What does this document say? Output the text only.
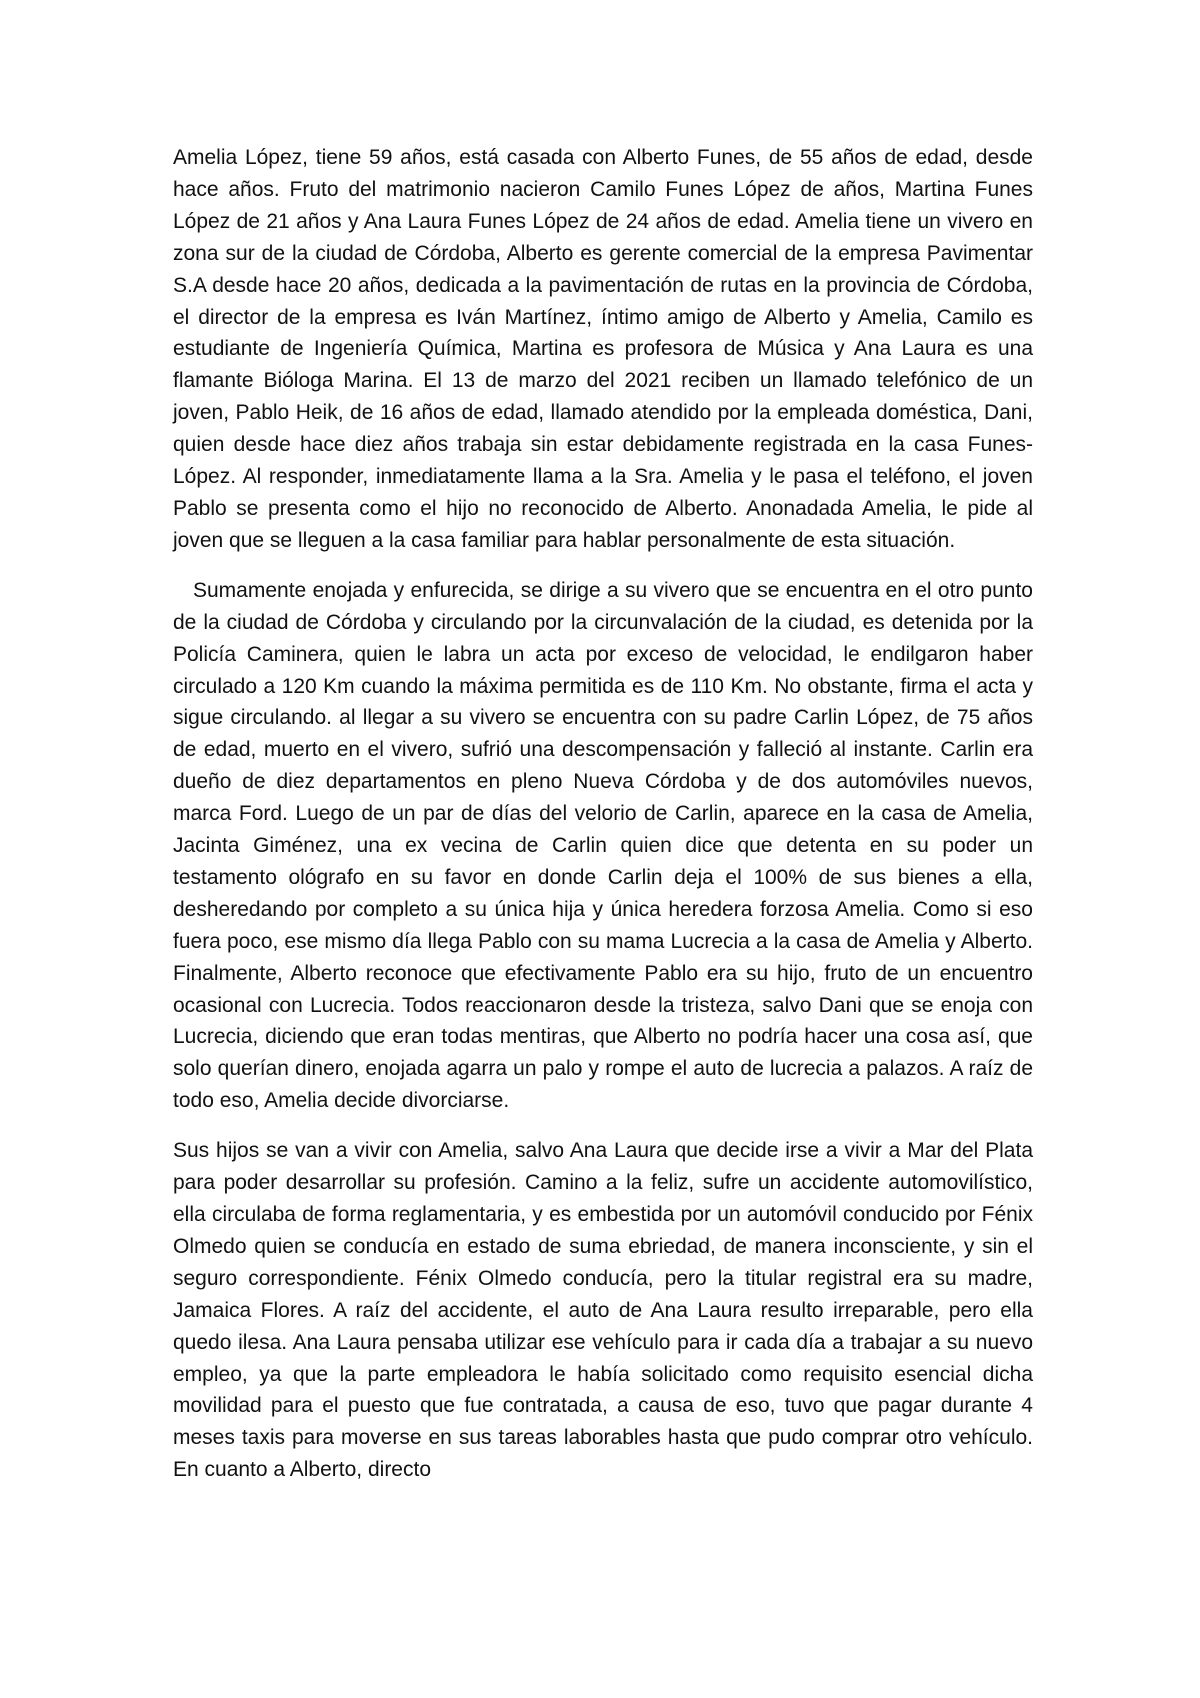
Amelia López, tiene 59 años, está casada con Alberto Funes, de 55 años de edad, desde hace años. Fruto del matrimonio nacieron Camilo Funes López de años, Martina Funes López de 21 años y Ana Laura Funes López de 24 años de edad. Amelia tiene un vivero en zona sur de la ciudad de Córdoba, Alberto es gerente comercial de la empresa Pavimentar S.A desde hace 20 años, dedicada a la pavimentación de rutas en la provincia de Córdoba, el director de la empresa es Iván Martínez, íntimo amigo de Alberto y Amelia, Camilo es estudiante de Ingeniería Química, Martina es profesora de Música y Ana Laura es una flamante Bióloga Marina. El 13 de marzo del 2021 reciben un llamado telefónico de un joven, Pablo Heik, de 16 años de edad, llamado atendido por la empleada doméstica, Dani, quien desde hace diez años trabaja sin estar debidamente registrada en la casa Funes- López. Al responder, inmediatamente llama a la Sra. Amelia y le pasa el teléfono, el joven Pablo se presenta como el hijo no reconocido de Alberto. Anonadada Amelia, le pide al joven que se lleguen a la casa familiar para hablar personalmente de esta situación.

Sumamente enojada y enfurecida, se dirige a su vivero que se encuentra en el otro punto de la ciudad de Córdoba y circulando por la circunvalación de la ciudad, es detenida por la Policía Caminera, quien le labra un acta por exceso de velocidad, le endilgaron haber circulado a 120 Km cuando la máxima permitida es de 110 Km. No obstante, firma el acta y sigue circulando. al llegar a su vivero se encuentra con su padre Carlin López, de 75 años de edad, muerto en el vivero, sufrió una descompensación y falleció al instante. Carlin era dueño de diez departamentos en pleno Nueva Córdoba y de dos automóviles nuevos, marca Ford. Luego de un par de días del velorio de Carlin, aparece en la casa de Amelia, Jacinta Giménez, una ex vecina de Carlin quien dice que detenta en su poder un testamento ológrafo en su favor en donde Carlin deja el 100% de sus bienes a ella, desheredando por completo a su única hija y única heredera forzosa Amelia. Como si eso fuera poco, ese mismo día llega Pablo con su mama Lucrecia a la casa de Amelia y Alberto. Finalmente, Alberto reconoce que efectivamente Pablo era su hijo, fruto de un encuentro ocasional con Lucrecia. Todos reaccionaron desde la tristeza, salvo Dani que se enoja con Lucrecia, diciendo que eran todas mentiras, que Alberto no podría hacer una cosa así, que solo querían dinero, enojada agarra un palo y rompe el auto de lucrecia a palazos. A raíz de todo eso, Amelia decide divorciarse.

Sus hijos se van a vivir con Amelia, salvo Ana Laura que decide irse a vivir a Mar del Plata para poder desarrollar su profesión. Camino a la feliz, sufre un accidente automovilístico, ella circulaba de forma reglamentaria, y es embestida por un automóvil conducido por Fénix Olmedo quien se conducía en estado de suma ebriedad, de manera inconsciente, y sin el seguro correspondiente. Fénix Olmedo conducía, pero la titular registral era su madre, Jamaica Flores. A raíz del accidente, el auto de Ana Laura resulto irreparable, pero ella quedo ilesa. Ana Laura pensaba utilizar ese vehículo para ir cada día a trabajar a su nuevo empleo, ya que la parte empleadora le había solicitado como requisito esencial dicha movilidad para el puesto que fue contratada, a causa de eso, tuvo que pagar durante 4 meses taxis para moverse en sus tareas laborables hasta que pudo comprar otro vehículo. En cuanto a Alberto, directo
